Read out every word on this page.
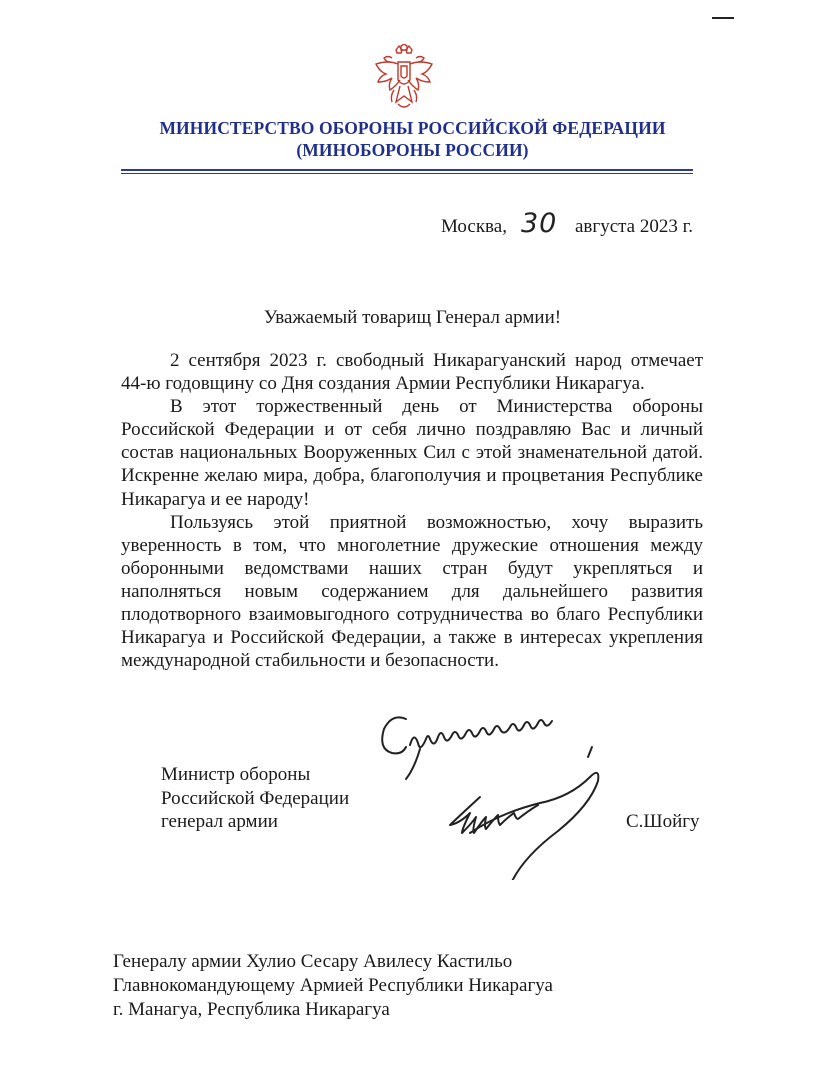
МИНИСТЕРСТВО ОБОРОНЫ РОССИЙСКОЙ ФЕДЕРАЦИИ
(МИНОБОРОНЫ РОССИИ)
Москва, 30 августа 2023 г.
Уважаемый товарищ Генерал армии!

2 сентября 2023 г. свободный Никарагуанский народ отмечает 44-ю годовщину со Дня создания Армии Республики Никарагуа.

В этот торжественный день от Министерства обороны Российской Федерации и от себя лично поздравляю Вас и личный состав национальных Вооруженных Сил с этой знаменательной датой. Искренне желаю мира, добра, благополучия и процветания Республике Никарагуа и ее народу!

Пользуясь этой приятной возможностью, хочу выразить уверенность в том, что многолетние дружеские отношения между оборонными ведомствами наших стран будут укрепляться и наполняться новым содержанием для дальнейшего развития плодотворного взаимовыгодного сотрудничества во благо Республики Никарагуа и Российской Федерации, а также в интересах укрепления международной стабильности и безопасности.

Министр обороны
Российской Федерации
генерал армии	С.Шойгу
Генералу армии Хулио Сесару Авилесу Кастильо
Главнокомандующему Армией Республики Никарагуа
г. Манагуа, Республика Никарагуа
